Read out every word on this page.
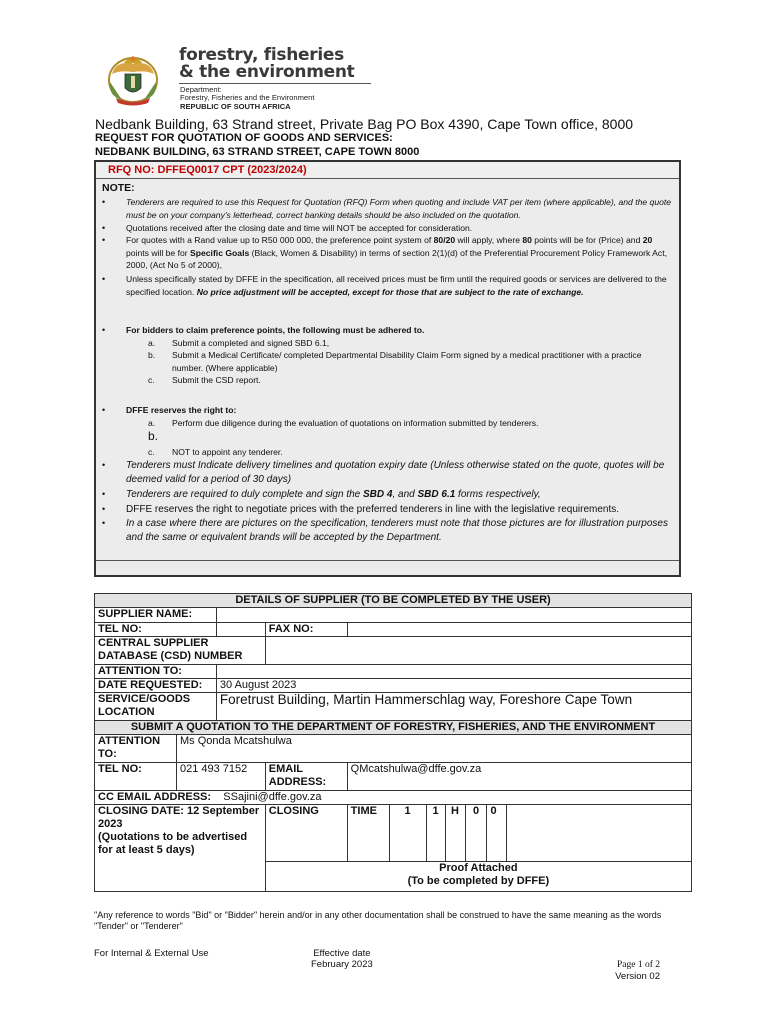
forestry, fisheries
& the environment
Department:
Forestry, Fisheries and the Environment
REPUBLIC OF SOUTH AFRICA
Nedbank Building, 63 Strand street, Private Bag PO Box 4390, Cape Town office, 8000
REQUEST FOR QUOTATION OF GOODS AND SERVICES:
NEDBANK BUILDING, 63 STRAND STREET, CAPE TOWN 8000
RFQ NO: DFFEQ0017 CPT (2023/2024)
NOTE:
• Tenderers are required to use this Request for Quotation (RFQ) Form when quoting and include VAT per item (where applicable), and the quote must be on your company's letterhead, correct banking details should be also included on the quotation.
• Quotations received after the closing date and time will NOT be accepted for consideration.
• For quotes with a Rand value up to R50 000 000, the preference point system of 80/20 will apply, where 80 points will be for (Price) and 20 points will be for Specific Goals (Black, Women & Disability) in terms of section 2(1)(d) of the Preferential Procurement Policy Framework Act, 2000, (Act No 5 of 2000),
• Unless specifically stated by DFFE in the specification, all received prices must be firm until the required goods or services are delivered to the specified location. No price adjustment will be accepted, except for those that are subject to the rate of exchange.
• For bidders to claim preference points, the following must be adhered to.
a. Submit a completed and signed SBD 6.1,
b. Submit a Medical Certificate/ completed Departmental Disability Claim Form signed by a medical practitioner with a practice number. (Where applicable)
c. Submit the CSD report.
• DFFE reserves the right to:
a. Perform due diligence during the evaluation of quotations on information submitted by tenderers.
b.
c. NOT to appoint any tenderer.
• Tenderers must Indicate delivery timelines and quotation expiry date (Unless otherwise stated on the quote, quotes will be deemed valid for a period of 30 days)
• Tenderers are required to duly complete and sign the SBD 4, and SBD 6.1 forms respectively,
• DFFE reserves the right to negotiate prices with the preferred tenderers in line with the legislative requirements.
• In a case where there are pictures on the specification, tenderers must note that those pictures are for illustration purposes and the same or equivalent brands will be accepted by the Department.
DETAILS OF SUPPLIER (TO BE COMPLETED BY THE USER)										
SUPPLIER NAME:										
TEL NO:			FAX NO:							
CENTRAL SUPPLIER DATABASE (CSD) NUMBER										
ATTENTION TO:										
DATE REQUESTED:		30 August 2023								
SERVICE/GOODS LOCATION		Foretrust Building, Martin Hammerschlag way, Foreshore Cape Town								
SUBMIT A QUOTATION TO THE DEPARTMENT OF FORESTRY, FISHERIES, AND THE ENVIRONMENT										
ATTENTION TO:	Ms Qonda Mcatshulwa									
TEL NO:	021 493 7152		EMAIL ADDRESS:	QMcatshulwa@dffe.gov.za						
CC EMAIL ADDRESS: SSajini@dffe.gov.za										

CLOSING DATE: 12 September 2023
(Quotations to be advertised for at least 5 days)			CLOSING	TIME	1	1	H	0	0	

			Proof Attached
(To be completed by DFFE)							
"Any reference to words "Bid" or "Bidder" herein and/or in any other documentation shall be construed to have the same meaning as the words "Tender" or "Tenderer"
For Internal & External Use	Effective date
February 2023	Page 1 of 2
Version 02
